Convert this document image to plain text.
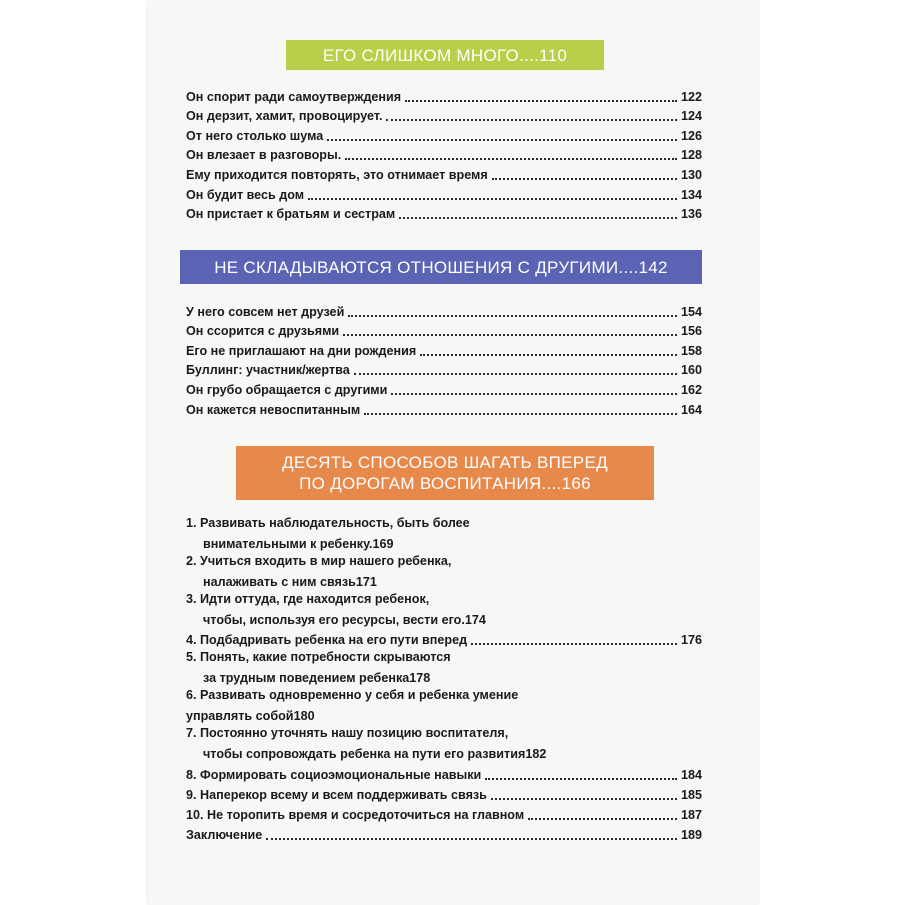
ЕГО СЛИШКОМ МНОГО....110
Он спорит ради самоутверждения	122
Он дерзит, хамит, провоцирует.	124
От него столько шума	126
Он влезает в разговоры.	128
Ему приходится повторять, это отнимает время	130
Он будит весь дом	134
Он пристает к братьям и сестрам	136
НЕ СКЛАДЫВАЮТСЯ ОТНОШЕНИЯ С ДРУГИМИ....142
У него совсем нет друзей	154
Он ссорится с друзьями	156
Его не приглашают на дни рождения	158
Буллинг: участник/жертва	160
Он грубо обращается с другими	162
Он кажется невоспитанным	164
ДЕСЯТЬ СПОСОБОВ ШАГАТЬ ВПЕРЕД
ПО ДОРОГАМ ВОСПИТАНИЯ....166
1. Развивать наблюдательность, быть более
внимательными к ребенку. 169
2. Учиться входить в мир нашего ребенка,
налаживать с ним связь 171
3. Идти оттуда, где находится ребенок,
чтобы, используя его ресурсы, вести его. 174
4. Подбадривать ребенка на его пути вперед	176
5. Понять, какие потребности скрываются
за трудным поведением ребенка 178
6. Развивать одновременно у себя и ребенка умение
управлять собой 180
7. Постоянно уточнять нашу позицию воспитателя,
чтобы сопровождать ребенка на пути его развития 182
8. Формировать социоэмоциональные навыки	184
9. Наперекор всему и всем поддерживать связь	185
10. Не торопить время и сосредоточиться на главном	187
Заключение	189
